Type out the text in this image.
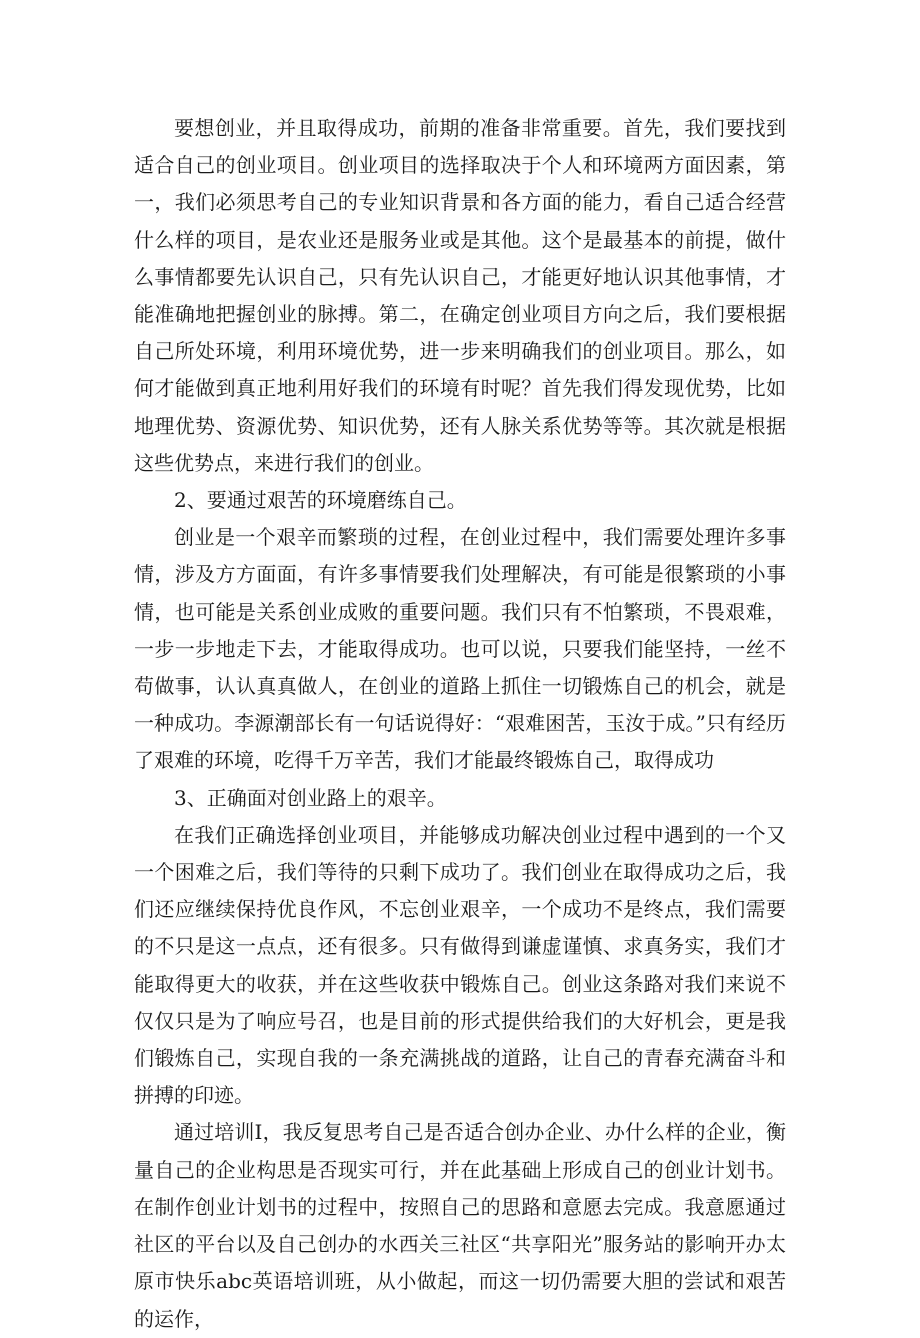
要想创业，并且取得成功，前期的准备非常重要。首先，我们要找到适合自己的创业项目。创业项目的选择取决于个人和环境两方面因素，第一，我们必须思考自己的专业知识背景和各方面的能力，看自己适合经营什么样的项目，是农业还是服务业或是其他。这个是最基本的前提，做什么事情都要先认识自己，只有先认识自己，才能更好地认识其他事情，才能准确地把握创业的脉搏。第二，在确定创业项目方向之后，我们要根据自己所处环境，利用环境优势，进一步来明确我们的创业项目。那么，如何才能做到真正地利用好我们的环境有时呢？首先我们得发现优势，比如地理优势、资源优势、知识优势，还有人脉关系优势等等。其次就是根据这些优势点，来进行我们的创业。

2、要通过艰苦的环境磨练自己。

创业是一个艰辛而繁琐的过程，在创业过程中，我们需要处理许多事情，涉及方方面面，有许多事情要我们处理解决，有可能是很繁琐的小事情，也可能是关系创业成败的重要问题。我们只有不怕繁琐，不畏艰难，一步一步地走下去，才能取得成功。也可以说，只要我们能坚持，一丝不苟做事，认认真真做人，在创业的道路上抓住一切锻炼自己的机会，就是一种成功。李源潮部长有一句话说得好：“艰难困苦，玉汝于成。”只有经历了艰难的环境，吃得千万辛苦，我们才能最终锻炼自己，取得成功

3、正确面对创业路上的艰辛。

在我们正确选择创业项目，并能够成功解决创业过程中遇到的一个又一个困难之后，我们等待的只剩下成功了。我们创业在取得成功之后，我们还应继续保持优良作风，不忘创业艰辛，一个成功不是终点，我们需要的不只是这一点点，还有很多。只有做得到谦虚谨慎、求真务实，我们才能取得更大的收获，并在这些收获中锻炼自己。创业这条路对我们来说不仅仅只是为了响应号召，也是目前的形式提供给我们的大好机会，更是我们锻炼自己，实现自我的一条充满挑战的道路，让自己的青春充满奋斗和拼搏的印迹。

通过培训I，我反复思考自己是否适合创办企业、办什么样的企业，衡量自己的企业构思是否现实可行，并在此基础上形成自己的创业计划书。在制作创业计划书的过程中，按照自己的思路和意愿去完成。我意愿通过社区的平台以及自己创办的水西关三社区“共享阳光”服务站的影响开办太原市快乐abc英语培训班，从小做起，而这一切仍需要大胆的尝试和艰苦的运作，
